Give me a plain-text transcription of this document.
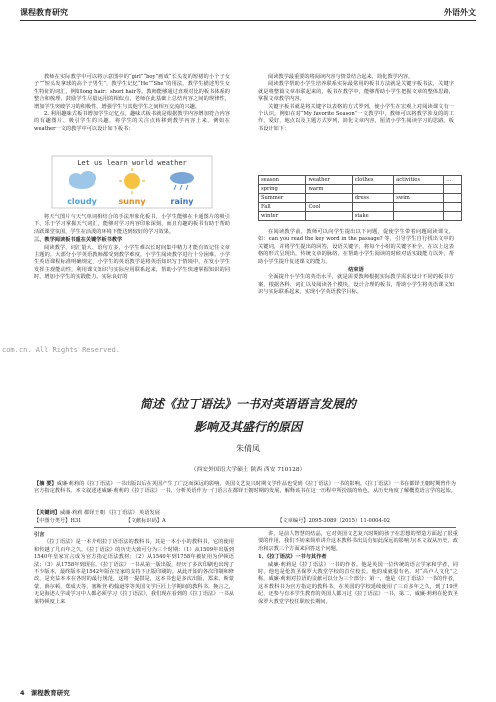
课程教育研究	外语外文

教师在实际教学中可以将示意图中的“girl”“boy”画成“长头发的短裙的小个子女子”“短头发拿球的高个子男生”，教学生记忆“He”“She”的用法。教学生描述男生女生特征的词汇，例如long hair；short hair等。教师能够通过直观对比的板书体系的整合和梳理，鼓励学生尽量运用的相似点，老师在此基础上总结内容之间的规律性，增加学生突破学习的积极性，增强学生与其他学生之间相互交流的兴趣。

2. 利用趣味式板书增加学生记忆点。趣味式板书就是根据教学内容增加符合内容的有趣图片、吸引学生的兴趣，将学生的关注点转移到教学内容上来。例如在weather一文的教学中可以设计如下板书：

Let us learn world weather
cloudy	sunny	rainy

将天气图片与天气单词相结合的手法形象化板书，小学生能够在卡通图片的吸引下，乐于学习掌握天气词汇，能够对学习内容印象深刻，而且有趣的板书有助于帮助活跃课堂氛围，学生在活泼的环境下能达到较好的学习效果。

三、教学阅读板书重在关键学板书教学

阅读教学，词汇量大、语句方多，小学生难以长时间集中精力才能有效记住文章主题的。大部分小学英语教师都受到教学难度，小学生阅读教学进行十分困难。小学生英语课程标准明确规定，小学生的英语教学是将英语知识写于情境中，在发小学生发挥主观能动性，利用课文知识与实际应用联系起来，帮助小学生快速掌握知识的同时，增加小学生的实践能力。实际良好的

阅读教学最重要的将阅读内容与情景结合起来，简化教学内容。

阅读教学帮助小学生培养联系实际最常用的板书方法就是关键字板书法，关键字就是将整篇文章串联起来的，板书在教学中，能够帮助小学生把握文章的整体思路，掌握文章教学内容。

关键字板书就是将关键字以表格的方式罗列，使小学生在宏观上对阅读课文有一个认识。例如在对“My favorite Season”一文教学中，教师可以将教学涉及的的工作、爱好、地点以及主题方式罗列，简化文章内容，厘清小学生阅读学习的思路。板书设计如下：

season	weather	clothes	activities	…
spring	warm			
Summer		dress	swim	
Fall	Cool			
winter		stake		

在阅读教学前，教师可以向学生提出以下问题，促使学生带着问题阅读课文，如：can you read the key word in the passage? 等，引导学生自行找出文中的关键词，并将学生提出的回答，设语关键字，将每个小组的关键字补全，在以上这表格的形式呈现出，传统文章的脉络，在帮助小学生阅读的时候对话实践能力以外，帮助小学生提升复述课文的能力。

结束语

全面提升小学生的英语水平，就是需要教师根据实际教学需求设计不同的板书方案，根据各科、词汇以及阅读各个模块，设计合理的板书，帮助小学生将英语课文知识与实际联系起来，实现小学英语教学目标。

com.cn. All Rights Reserved.
简述《拉丁语法》一书对英语语言发展的
影响及其盛行的原因
朱倩凤
（西安外国语大学硕士 陕西 西安 710128）
【摘 要】威廉·莉莉的《拉丁语法》一书出版以后在英国产生了广泛而深远的影响，英国文艺复兴时期文学作品也受到《拉丁语法》一书的影响。《拉丁语法》一书在都铎王朝时期曾作为官方指定教科书。本文叙述述威廉·莉莉的《拉丁语法》一书，分析英语作为一门语言在都铎王朝时期的发展，解释该书在这一历程中所扮演的角色，从历史角度了解概览语言学的起始。
【关键词】威廉·莉莉 都铎王朝 《拉丁语法》 英语发展
【中图分类号】H31	【文献标识码】A	【文章编号】2095-3089（2015）11-0004-02

引言

《拉丁语法》是一本介绍拉丁语语法的教科书。其是一本小小的教科书，它的使用和传越了几百年之久。《拉丁语法》的历史大致可分为三个时期：（1）从1509年出版到1540年皇家宣言成为官方指定语法教材；（2）从1540年到1758年被征用为伊顿语法；（3）从1758年到现在。《拉丁语法》一书从第一版出版，经历了多次印刷也出现了不少版本，最终版本是1542年版在皇家的支持下正版印刷的。从此开始的各次印制和修改，是充益本本在各时的最行规范，这将一提拱是，这本书也是多次出版，郑来，斯蒙蒙，薛尔顿，郑成天等，塞斯登·约翰逊等等英国文学巨匠上学期间的教科书。换言之，无是海述人学或学习中人都必须学习《拉丁语法》，我们现在看到的《拉丁语法》一书从莱特顿度上来

讲，是前人智慧的结晶，它对英国文艺复兴时期的孩子在思想的塑造方面起了很重要的作用，我们不妨来简单讲介这本教科书出具有如此深远的影响力(本文叙从历史、政治和宗教三个方面来回答这个问题。

1、《拉丁语法》一书与其作者

威廉·莉莉是《拉丁语法》一书的作者。他是英国一位传统的语言学家和学者，同时，他也是伦敦圣保罗大教堂学校的首位校长。他的成就很有名，对“高卢人文化”之称。威廉·莉莉对拉语的贡献可以分为三个部分：第一，他是《拉丁语法》一书的作者，这本教科书为官方指定的教科书，在英国的学校延续使用了三百多年之久，到了19世纪，还参与有本学生教育的英国人都习过《拉丁语法》一书，第二，威廉·莉莉在伦敦圣保罗大教堂学校任职校长期间，

4 课程教育研究
